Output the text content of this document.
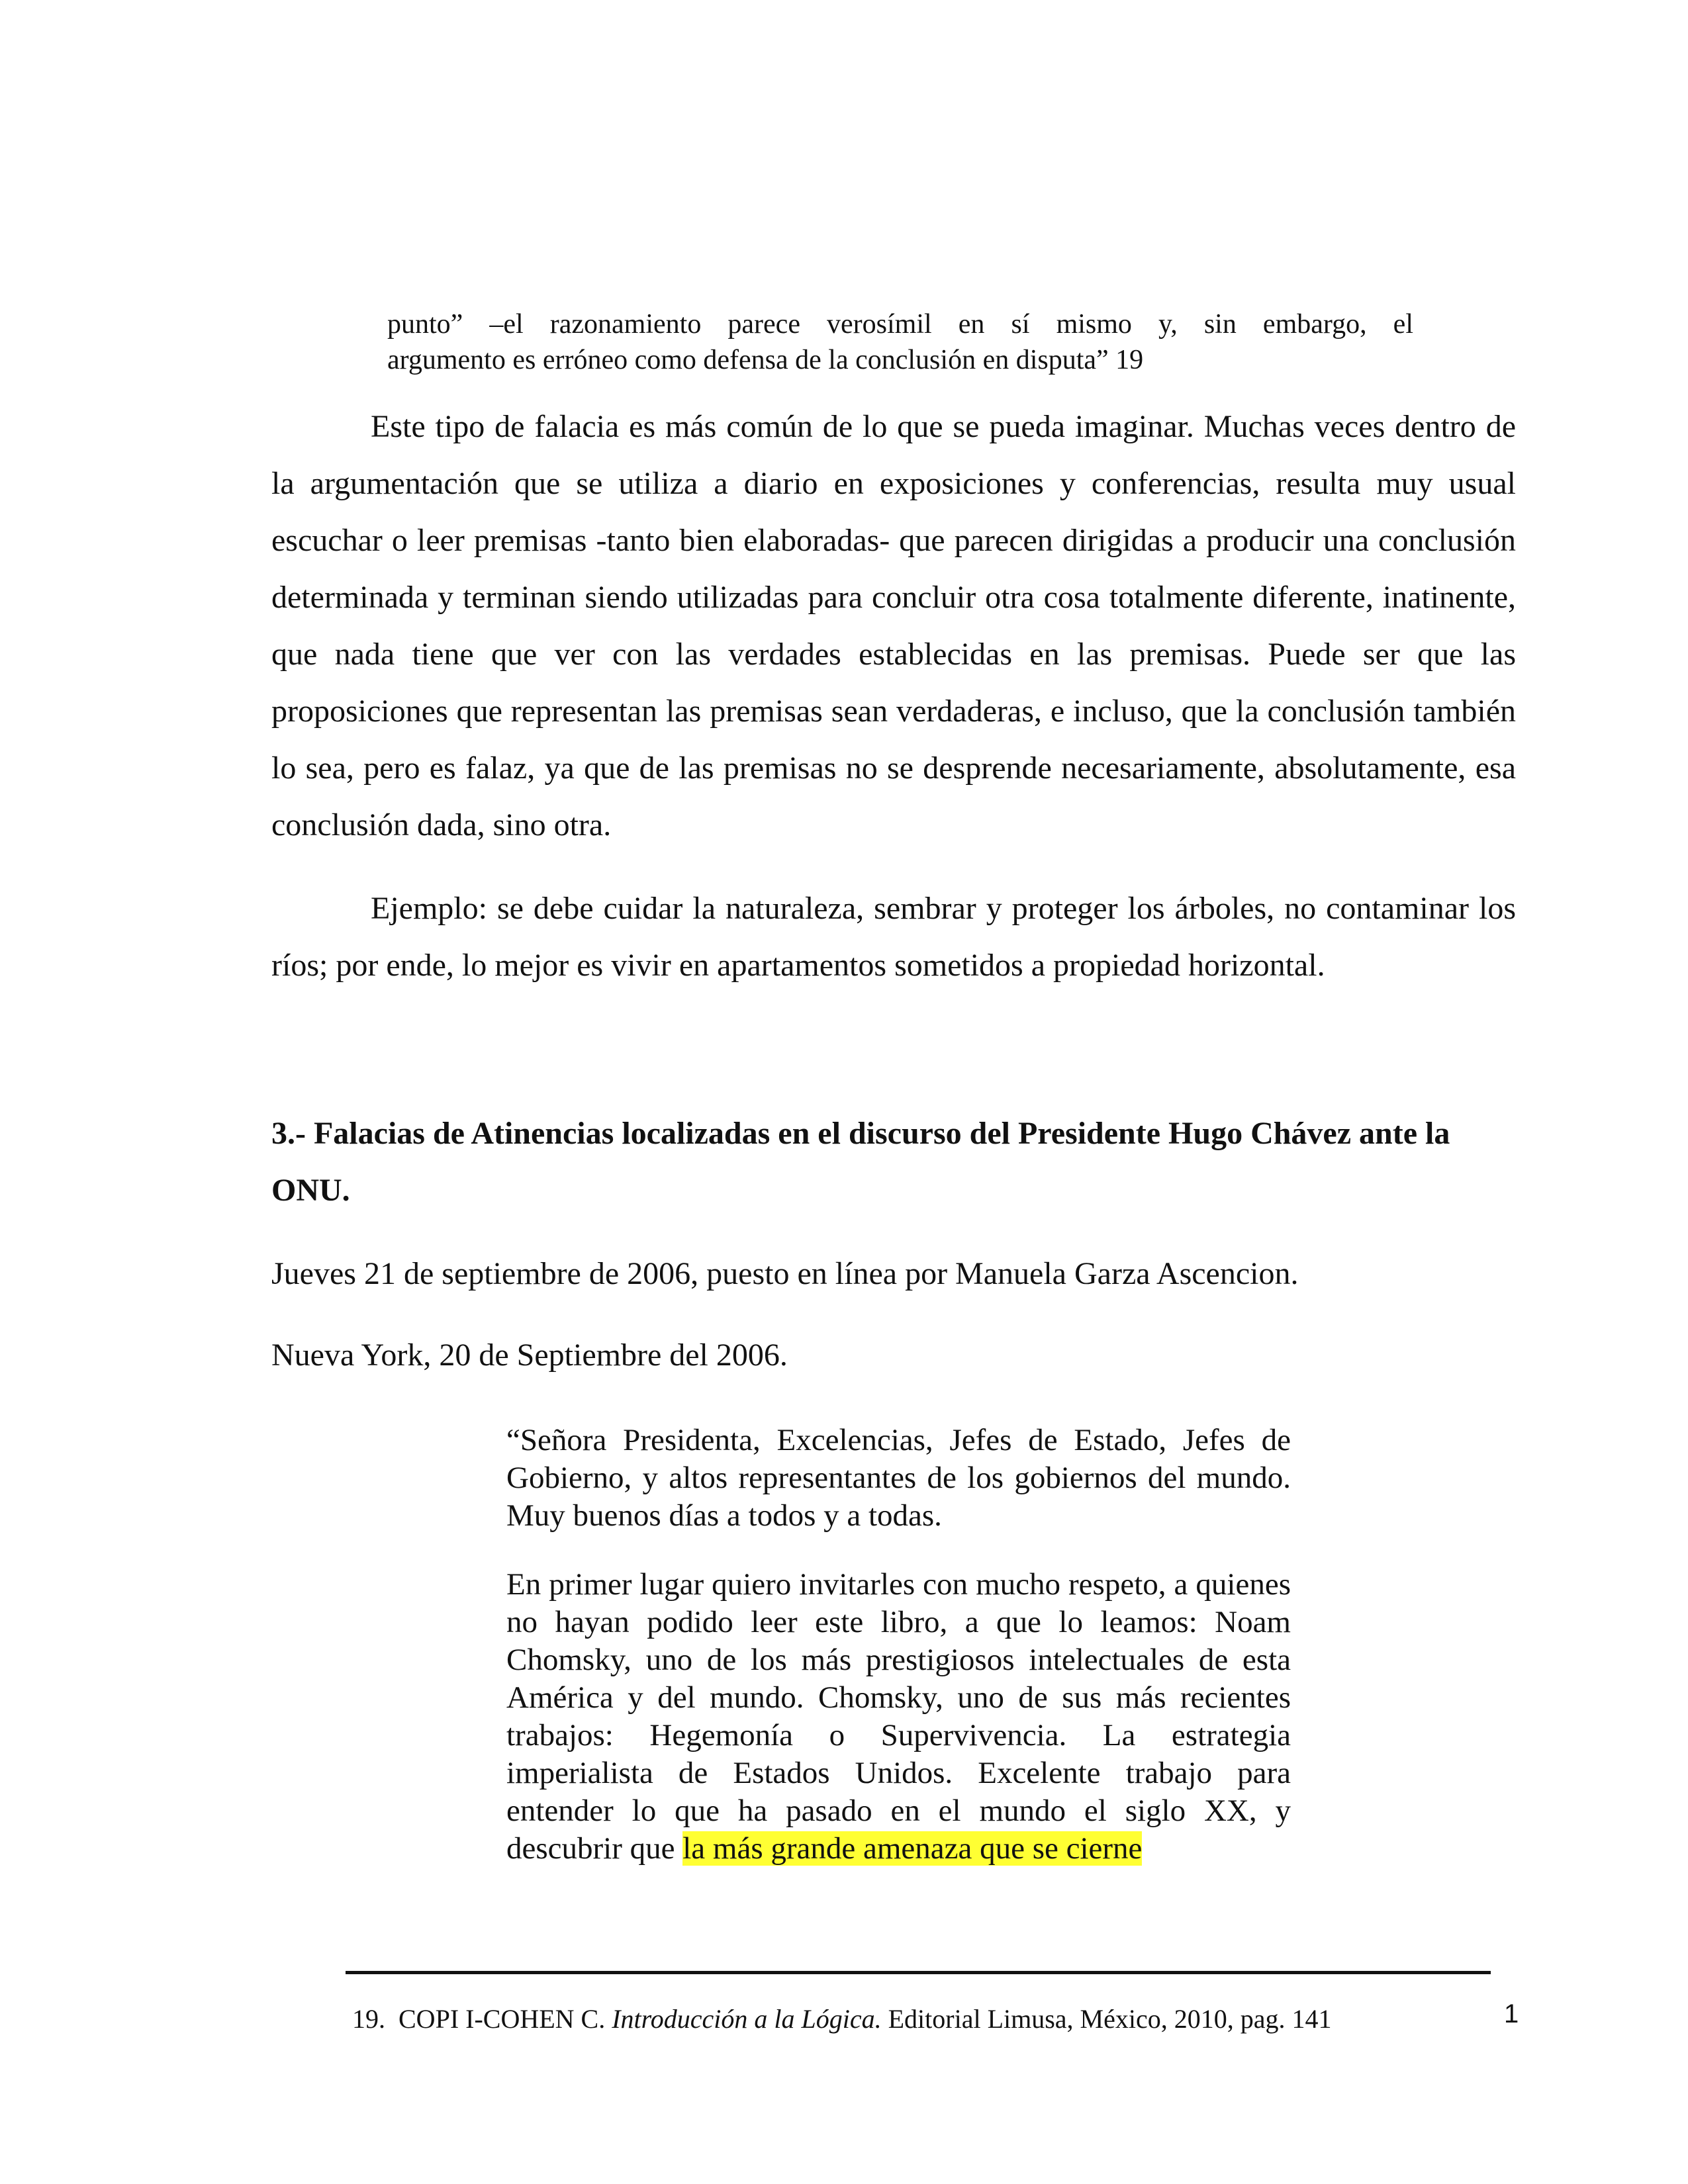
punto” –el razonamiento parece verosímil en sí mismo y, sin embargo, el
argumento es erróneo como defensa de la conclusión en disputa” 19

Este tipo de falacia es más común de lo que se pueda imaginar. Muchas veces dentro de la argumentación que se utiliza a diario en exposiciones y conferencias, resulta muy usual escuchar o leer premisas -tanto bien elaboradas- que parecen dirigidas a producir una conclusión determinada y terminan siendo utilizadas para concluir otra cosa totalmente diferente, inatinente, que nada tiene que ver con las verdades establecidas en las premisas. Puede ser que las proposiciones que representan las premisas sean verdaderas, e incluso, que la conclusión también lo sea, pero es falaz, ya que de las premisas no se desprende necesariamente, absolutamente, esa conclusión dada, sino otra.

Ejemplo: se debe cuidar la naturaleza, sembrar y proteger los árboles, no contaminar los ríos; por ende, lo mejor es vivir en apartamentos sometidos a propiedad horizontal.

3.- Falacias de Atinencias localizadas en el discurso del Presidente Hugo Chávez ante la ONU.

Jueves 21 de septiembre de 2006, puesto en línea por Manuela Garza Ascencion.

Nueva York, 20 de Septiembre del 2006.

“Señora Presidenta, Excelencias, Jefes de Estado, Jefes de Gobierno, y altos representantes de los gobiernos del mundo. Muy buenos días a todos y a todas.

En primer lugar quiero invitarles con mucho respeto, a quienes no hayan podido leer este libro, a que lo leamos: Noam Chomsky, uno de los más prestigiosos intelectuales de esta América y del mundo. Chomsky, uno de sus más recientes trabajos: Hegemonía o Supervivencia. La estrategia imperialista de Estados Unidos. Excelente trabajo para entender lo que ha pasado en el mundo el siglo XX, y descubrir que la más grande amenaza que se cierne

19. COPI I-COHEN C. Introducción a la Lógica. Editorial Limusa, México, 2010, pag. 141	1
